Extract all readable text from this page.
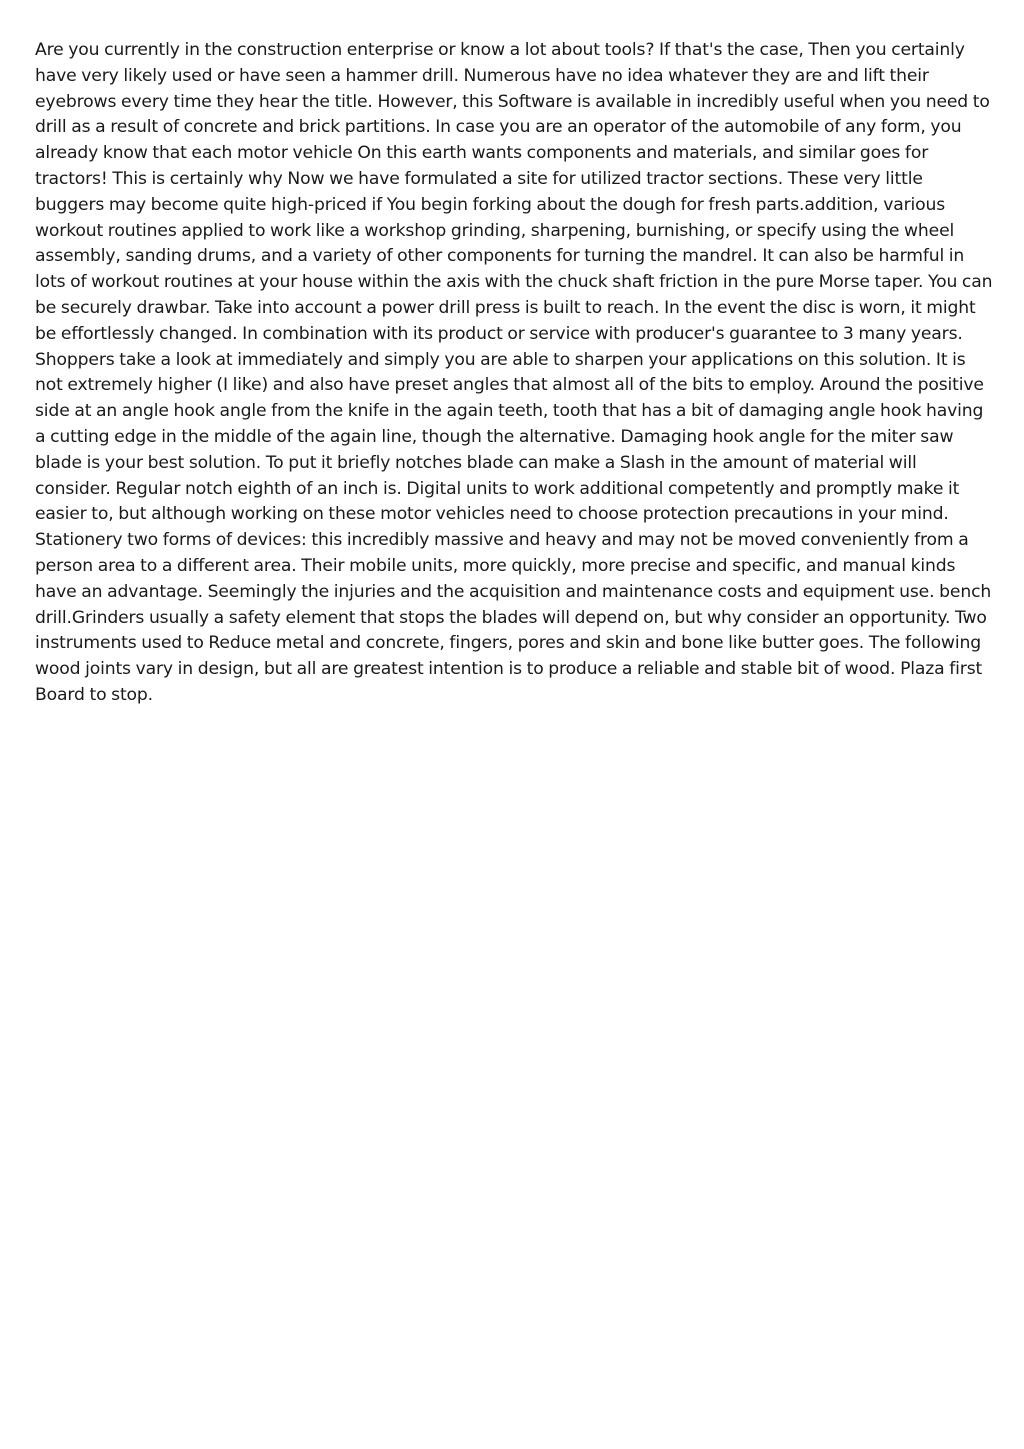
Are you currently in the construction enterprise or know a lot about tools? If that's the case, Then you certainly have very likely used or have seen a hammer drill. Numerous have no idea whatever they are and lift their eyebrows every time they hear the title. However, this Software is available in incredibly useful when you need to drill as a result of concrete and brick partitions. In case you are an operator of the automobile of any form, you already know that each motor vehicle On this earth wants components and materials, and similar goes for tractors! This is certainly why Now we have formulated a site for utilized tractor sections. These very little buggers may become quite high-priced if You begin forking about the dough for fresh parts.addition, various workout routines applied to work like a workshop grinding, sharpening, burnishing, or specify using the wheel assembly, sanding drums, and a variety of other components for turning the mandrel. It can also be harmful in lots of workout routines at your house within the axis with the chuck shaft friction in the pure Morse taper. You can be securely drawbar. Take into account a power drill press is built to reach. In the event the disc is worn, it might be effortlessly changed. In combination with its product or service with producer's guarantee to 3 many years. Shoppers take a look at immediately and simply you are able to sharpen your applications on this solution. It is not extremely higher (I like) and also have preset angles that almost all of the bits to employ. Around the positive side at an angle hook angle from the knife in the again teeth, tooth that has a bit of damaging angle hook having a cutting edge in the middle of the again line, though the alternative. Damaging hook angle for the miter saw blade is your best solution. To put it briefly notches blade can make a Slash in the amount of material will consider. Regular notch eighth of an inch is. Digital units to work additional competently and promptly make it easier to, but although working on these motor vehicles need to choose protection precautions in your mind. Stationery two forms of devices: this incredibly massive and heavy and may not be moved conveniently from a person area to a different area. Their mobile units, more quickly, more precise and specific, and manual kinds have an advantage. Seemingly the injuries and the acquisition and maintenance costs and equipment use. bench drill.Grinders usually a safety element that stops the blades will depend on, but why consider an opportunity. Two instruments used to Reduce metal and concrete, fingers, pores and skin and bone like butter goes. The following wood joints vary in design, but all are greatest intention is to produce a reliable and stable bit of wood. Plaza first Board to stop.
